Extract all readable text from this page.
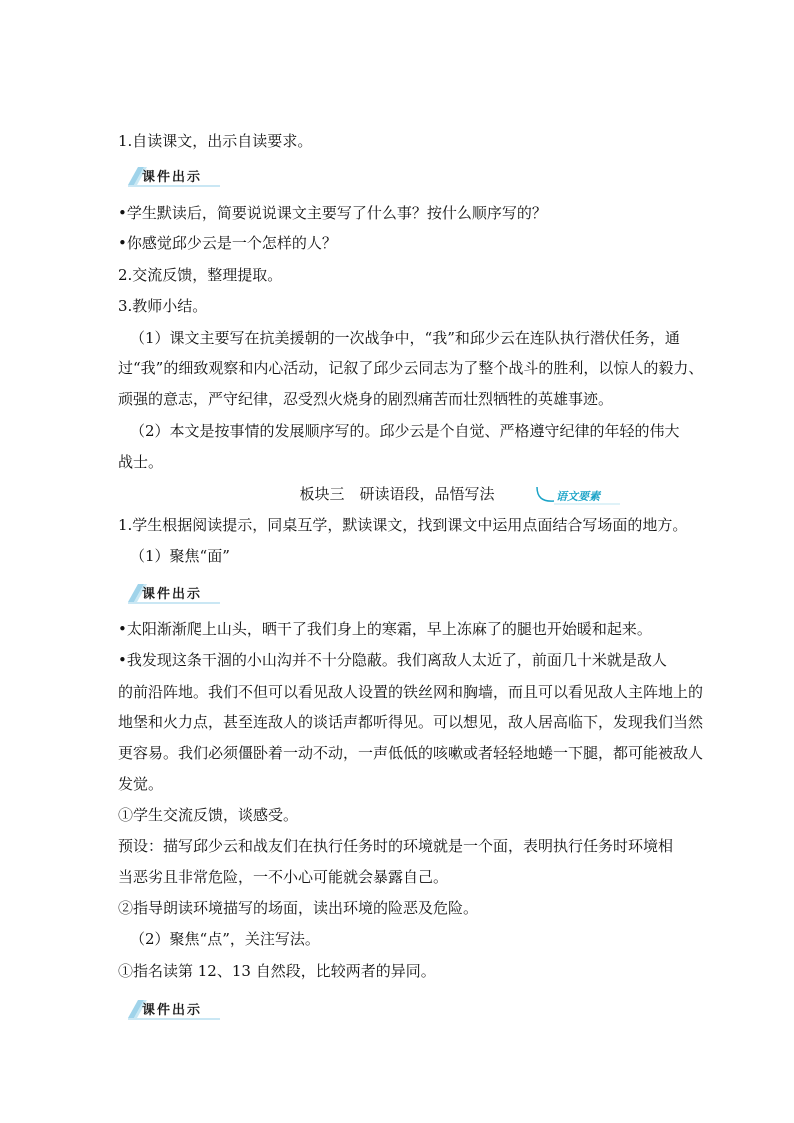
1.自读课文，出示自读要求。
课件出示
•学生默读后，简要说说课文主要写了什么事？按什么顺序写的？
•你感觉邱少云是一个怎样的人？
2.交流反馈，整理提取。
3.教师小结。
（1）课文主要写在抗美援朝的一次战争中，“我”和邱少云在连队执行潜伏任务，通
过“我”的细致观察和内心活动，记叙了邱少云同志为了整个战斗的胜利，以惊人的毅力、
顽强的意志，严守纪律，忍受烈火烧身的剧烈痛苦而壮烈牺牲的英雄事迹。
（2）本文是按事情的发展顺序写的。邱少云是个自觉、严格遵守纪律的年轻的伟大
战士。
板块三　研读语段，品悟写法	语文要素
1.学生根据阅读提示，同桌互学，默读课文，找到课文中运用点面结合写场面的地方。
（1）聚焦“面”
课件出示
•太阳渐渐爬上山头，晒干了我们身上的寒霜，早上冻麻了的腿也开始暖和起来。
•我发现这条干涸的小山沟并不十分隐蔽。我们离敌人太近了，前面几十米就是敌人
的前沿阵地。我们不但可以看见敌人设置的铁丝网和胸墙，而且可以看见敌人主阵地上的
地堡和火力点，甚至连敌人的谈话声都听得见。可以想见，敌人居高临下，发现我们当然
更容易。我们必须僵卧着一动不动，一声低低的咳嗽或者轻轻地蜷一下腿，都可能被敌人
发觉。
①学生交流反馈，谈感受。
预设：描写邱少云和战友们在执行任务时的环境就是一个面，表明执行任务时环境相
当恶劣且非常危险，一不小心可能就会暴露自己。
②指导朗读环境描写的场面，读出环境的险恶及危险。
（2）聚焦“点”，关注写法。
①指名读第 12、13 自然段，比较两者的异同。
课件出示
